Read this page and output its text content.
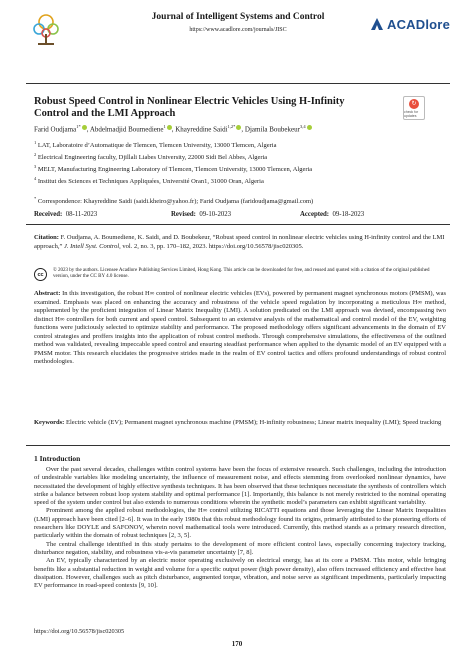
Journal of Intelligent Systems and Control
https://www.acadlore.com/journals/JISC	ACADlore
Robust Speed Control in Nonlinear Electric Vehicles Using H-Infinity Control and the LMI Approach
↻
check for updates
Farid Oudjama$^{1*}$ , Abdelmadjid Boumediene$^1$ , Khayreddine Saidi$^{1,2*}$ , Djamila Boubekeur$^{3,4}$
$^1$ LAT, Laboratoire d’Automatique de Tlemcen, Tlemcen University, 13000 Tlemcen, Algeria
$^2$ Electrical Engineering faculty, Djillali Liabes University, 22000 Sidi Bel Abbes, Algeria
$^3$ MELT, Manufacturing Engineering Laboratory of Tlemcen, Tlemcen University, 13000 Tlemcen, Algeria
$^4$ Institut des Sciences et Techniques Appliquées, Université Oran1, 31000 Oran, Algeria
* Correspondence: Khayreddine Saidi (saidi.kheiro@yahoo.fr); Farid Oudjama (faridoudjama@gmail.com)
Received: 08-11-2023	Revised: 09-10-2023	Accepted: 09-18-2023
Citation: F. Oudjama, A. Boumediene, K. Saidi, and D. Boubekeur, “Robust speed control in nonlinear electric vehicles using H-infinity control and the LMI approach,” J. Intell Syst. Control, vol. 2, no. 3, pp. 170–182, 2023. https://doi.org/10.56578/jisc020305.
cc
© 2023 by the authors. Licensee Acadlore Publishing Services Limited, Hong Kong. This article can be downloaded for free, and reused and quoted with a citation of the original published version, under the CC BY 4.0 license.
Abstract: In this investigation, the robust H∞ control of nonlinear electric vehicles (EVs), powered by permanent magnet synchronous motors (PMSM), was examined. Emphasis was placed on enhancing the accuracy and robustness of the vehicle speed regulation by incorporating a meticulous H∞ method, supplemented by the proficient integration of Linear Matrix Inequality (LMI). A solution predicated on the LMI approach was devised, encompassing two distinct H∞ controllers for both current and speed control. Subsequent to an extensive analysis of the mathematical and control model of the EV, weighting functions were judiciously selected to optimize stability and performance. The proposed methodology offers significant advancements in the domain of EV control strategies and proffers insights into the application of robust control methods. Through comprehensive simulations, the effectiveness of the outlined method was validated, revealing impeccable speed control and ensuring steadfast performance when applied to the dynamic model of an EV equipped with a PMSM motor. This research elucidates the progressive strides made in the realm of EV control tactics and offers profound understandings of robust control methodologies.
Keywords: Electric vehicle (EV); Permanent magnet synchronous machine (PMSM); H-infinity robustness; Linear matrix inequality (LMI); Speed tracking
1 Introduction

Over the past several decades, challenges within control systems have been the focus of extensive research. Such challenges, including the introduction of undesirable variables like modeling uncertainty, the influence of measurement noise, and effects stemming from overlooked nonlinear dynamics, have necessitated the development of highly effective synthesis techniques. It has been observed that these techniques necessitate the synthesis of controllers which strike a balance between robust loop system stability and optimal performance [1]. Importantly, this balance is not merely restricted to the nominal operating speed of the system under control but also extends to numerous conditions wherein the synthetic model’s parameters can exhibit significant variability.

Prominent among the applied robust methodologies, the H∞ control utilizing RICATTI equations and those leveraging the Linear Matrix Inequalities (LMI) approach have been cited [2–6]. It was in the early 1980s that this robust methodology found its origins, primarily attributed to the pioneering efforts of researchers like DOYLE and SAFONOV, wherein novel mathematical tools were introduced. Currently, this method stands as a primary research direction, particularly within the domain of robust techniques [2, 3, 5].

The central challenge identified in this study pertains to the development of more efficient control laws, especially concerning trajectory tracking, disturbance negation, stability, and robustness vis-a-vis parameter uncertainty [7, 8].

An EV, typically characterized by an electric motor operating exclusively on electrical energy, has at its core a PMSM. This motor, while bringing benefits like a substantial reduction in weight and volume for a specific output power (high power density), also offers increased efficiency and effective heat dissipation. However, challenges such as pitch disturbance, augmented torque, vibration, and noise serve as significant impediments, particularly impacting EV performance in road-speed contexts [9, 10].

https://doi.org/10.56578/jisc020305
170
